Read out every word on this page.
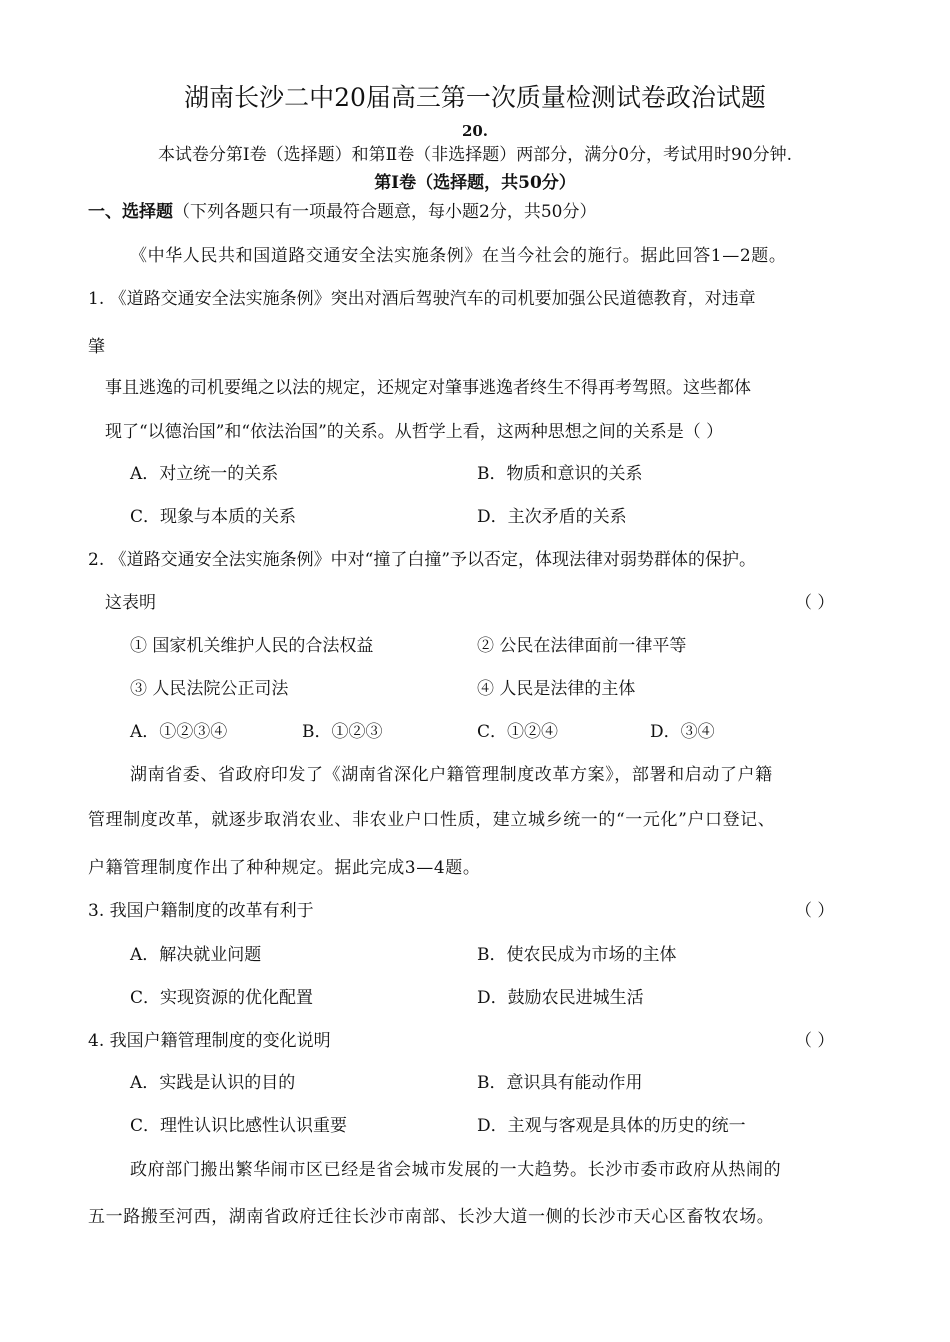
湖南长沙二中20届高三第一次质量检测试卷政治试题
20.
本试卷分第Ⅰ卷（选择题）和第Ⅱ卷（非选择题）两部分，满分0分，考试用时90分钟.
第Ⅰ卷（选择题，共50分）
一、选择题（下列各题只有一项最符合题意，每小题2分，共50分）
《中华人民共和国道路交通安全法实施条例》在当今社会的施行。据此回答1—2题。
1. 《道路交通安全法实施条例》突出对酒后驾驶汽车的司机要加强公民道德教育，对违章
肇
事且逃逸的司机要绳之以法的规定，还规定对肇事逃逸者终生不得再考驾照。这些都体
现了“以德治国”和“依法治国”的关系。从哲学上看，这两种思想之间的关系是（ ）
A．对立统一的关系	B．物质和意识的关系
C．现象与本质的关系	D．主次矛盾的关系
2. 《道路交通安全法实施条例》中对“撞了白撞”予以否定，体现法律对弱势群体的保护。
这表明	（ ）
① 国家机关维护人民的合法权益	② 公民在法律面前一律平等
③ 人民法院公正司法	④ 人民是法律的主体
A．①②③④	B．①②③	C．①②④	D．③④
湖南省委、省政府印发了《湖南省深化户籍管理制度改革方案》，部署和启动了户籍
管理制度改革，就逐步取消农业、非农业户口性质，建立城乡统一的“一元化”户口登记、
户籍管理制度作出了种种规定。据此完成3—4题。
3. 我国户籍制度的改革有利于	（ ）
A．解决就业问题	B．使农民成为市场的主体
C．实现资源的优化配置	D．鼓励农民进城生活
4. 我国户籍管理制度的变化说明	（ ）
A．实践是认识的目的	B．意识具有能动作用
C．理性认识比感性认识重要	D．主观与客观是具体的历史的统一
政府部门搬出繁华闹市区已经是省会城市发展的一大趋势。长沙市委市政府从热闹的
五一路搬至河西，湖南省政府迁往长沙市南部、长沙大道一侧的长沙市天心区畜牧农场。
